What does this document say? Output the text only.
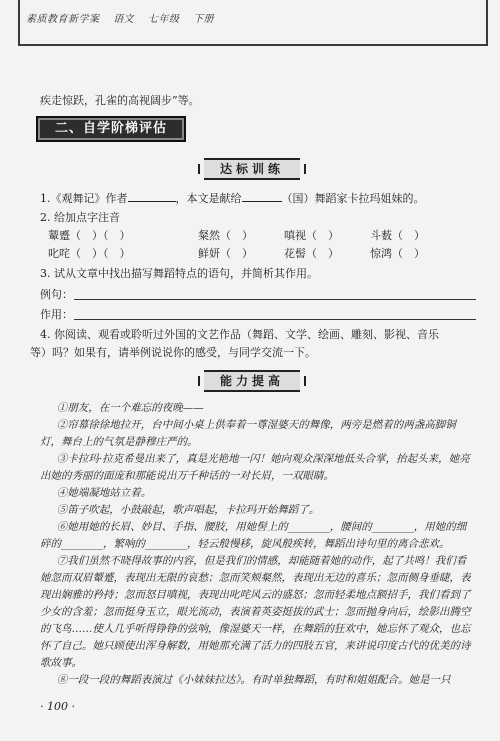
素质教育新学案 语文 七年级 下册
疾走惊跃，孔雀的高视阔步”等。
二、自学阶梯评估
达标训练
1.《观舞记》作者	，本文是献给	（国）舞蹈家卡拉玛姐妹的。
2. 给加点字注音
颦蹙（　）（　）	粲然（　）	嗔视（　）	斗薮（　）
叱咤（　）（　）	鲜妍（　）	花髻（　）	惊鸿（　）
3. 试从文章中找出描写舞蹈特点的语句，并简析其作用。
例句：
作用：
4. 你阅读、观看或聆听过外国的文艺作品（舞蹈、文学、绘画、雕刻、影视、音乐
等）吗？如果有，请举例说说你的感受，与同学交流一下。
能力提高

①朋友，在一个难忘的夜晚——

②帘幕徐徐地拉开，台中间小桌上供奉着一尊湿婆天的舞像，两旁是燃着的两盏高脚铜灯，舞台上的气氛是静穆庄严的。

③卡拉玛·拉克希曼出来了，真是光艳地一闪！她向观众深深地低头合掌，抬起头来，她亮出她的秀丽的面庞和那能说出万千种话的一对长眉，一双眼睛。

④她端凝地站立着。

⑤笛子吹起，小鼓敲起，歌声唱起，卡拉玛开始舞蹈了。

⑥她用她的长眉、妙目、手指、腰肢，用她髻上的________，腰间的________，用她的细碎的________，繁响的________，轻云般慢移，旋风般疾转，舞蹈出诗句里的离合悲欢。

⑦我们虽然不晓得故事的内容，但是我们的情感，却能随着她的动作，起了共鸣！我们看她忽而双眉颦蹙，表现出无限的哀愁；忽而笑颊粲然，表现出无边的喜乐；忽而侧身垂睫，表现出娴雅的矜持；忽而怒目嗔视，表现出叱咤风云的盛怒；忽而轻柔地点额招手，我们看到了少女的含羞；忽而挺身玉立，眼光流动，表演着英姿挺拔的武士；忽而抛身向后，绘影出腾空的飞鸟……使人几乎听得铮铮的弦响，像湿婆天一样，在舞蹈的狂欢中，她忘怀了观众，也忘怀了自己。她只顾使出浑身解数，用她那充满了活力的四肢五官，来讲说印度古代的优美的诗歌故事。

⑧一段一段的舞蹈表演过《小妹妹拉达》。有时单独舞蹈，有时和姐姐配合。她是一只

· 100 ·
